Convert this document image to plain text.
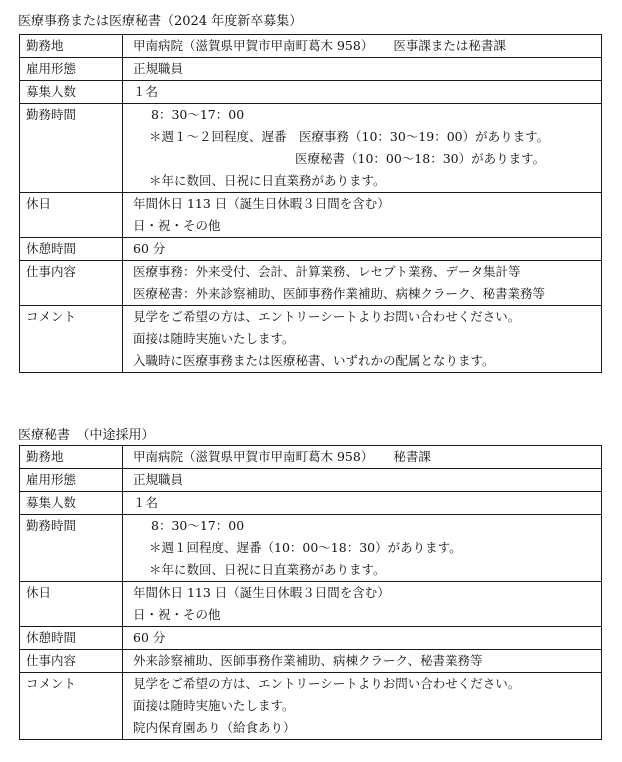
医療事務または医療秘書（2024 年度新卒募集）
勤務地	甲南病院（滋賀県甲賀市甲南町葛木 958） 医事課または秘書課

雇用形態	正規職員
募集人数	１名
勤務時間	8：30～17：00
＊週１～２回程度、遅番　医療事務（10：30～19：00）があります。
医療秘書（10：00～18：30）があります。
＊年に数回、日祝に日直業務があります。

休日	年間休日 113 日（誕生日休暇３日間を含む）
日・祝・その他

休憩時間	60 分
仕事内容	医療事務：外来受付、会計、計算業務、レセプト業務、データ集計等
医療秘書：外来診察補助、医師事務作業補助、病棟クラーク、秘書業務等

コメント	見学をご希望の方は、エントリーシートよりお問い合わせください。
面接は随時実施いたします。
入職時に医療事務または医療秘書、いずれかの配属となります。
医療秘書　（中途採用）
勤務地	甲南病院（滋賀県甲賀市甲南町葛木 958） 秘書課

雇用形態	正規職員
募集人数	１名
勤務時間	8：30～17：00
＊週１回程度、遅番（10：00～18：30）があります。
＊年に数回、日祝に日直業務があります。

休日	年間休日 113 日（誕生日休暇３日間を含む）
日・祝・その他

休憩時間	60 分
仕事内容	外来診察補助、医師事務作業補助、病棟クラーク、秘書業務等

コメント	見学をご希望の方は、エントリーシートよりお問い合わせください。
面接は随時実施いたします。
院内保育園あり（給食あり）
